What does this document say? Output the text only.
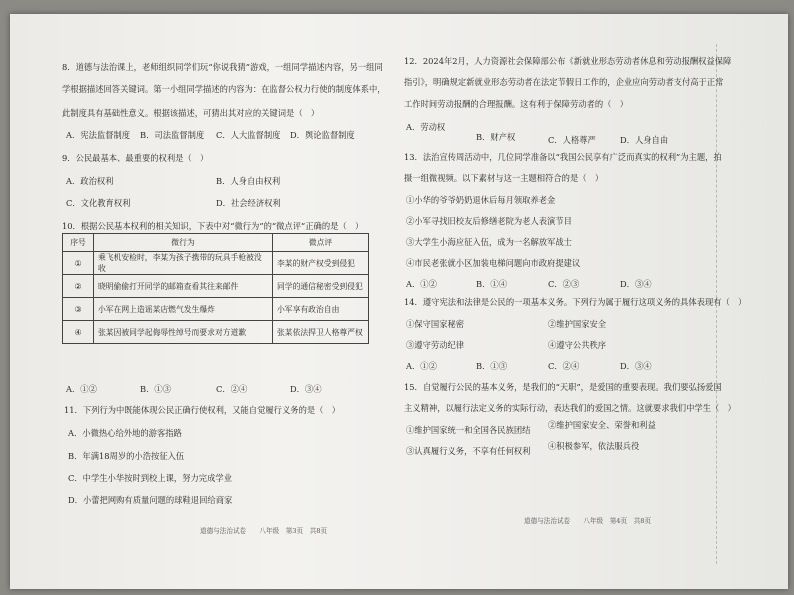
8．道德与法治课上，老师组织同学们玩“你说我猜”游戏，一组同学描述内容，另一组同
学根据描述回答关键词。第一小组同学描述的内容为：在监督公权力行使的制度体系中，
此制度具有基础性意义。根据该描述，可猜出其对应的关键词是（　）
A．宪法监督制度 B．司法监督制度 C．人大监督制度 D．舆论监督制度
9．公民最基本、最重要的权利是（　）
A．政治权利	B．人身自由权利
C．文化教育权利	D．社会经济权利
10．根据公民基本权利的相关知识，下表中对“微行为”的“微点评”正确的是（　）
序号	微行为	微点评
①	乘飞机安检时，李某为孩子携带的玩具手枪被没收	李某的财产权受到侵犯
②	晓明偷偷打开同学的邮箱查看其往来邮件	同学的通信秘密受到侵犯
③	小军在网上造谣某店燃气发生爆炸	小军享有政治自由
④	张某因被同学起侮辱性绰号而要求对方道歉	张某依法捍卫人格尊严权
A．①②	B．①③	C．②④	D．③④
11．下列行为中既能体现公民正确行使权利，又能自觉履行义务的是（　）
A．小微热心给外地的游客指路
B．年满18周岁的小浩按征入伍
C．中学生小华按时到校上课，努力完成学业
D．小蕾把网购有质量问题的球鞋退回给商家
道德与法治试卷　　八年级　第3页　共8页
12．2024年2月，人力资源社会保障部公布《新就业形态劳动者休息和劳动报酬权益保障
指引》，明确规定新就业形态劳动者在法定节假日工作的，企业应向劳动者支付高于正常
工作时间劳动报酬的合理报酬。这有利于保障劳动者的（　）
A．劳动权
B．财产权	C．人格尊严	D．人身自由
13．法治宣传周活动中，几位同学准备以“我国公民享有广泛而真实的权利”为主题，拍
摄一组微视频。以下素材与这一主题相符合的是（　）
①小华的爷爷奶奶退休后每月领取养老金
②小军寻找旧校友后修缮老院为老人表演节目
③大学生小海应征入伍，成为一名解放军战士
④市民老张就小区加装电梯问题向市政府提建议
A．①②	B．①④	C．②③	D．③④
14．遵守宪法和法律是公民的一项基本义务。下列行为属于履行这项义务的具体表现有（　）
①保守国家秘密	②维护国家安全
③遵守劳动纪律	④遵守公共秩序
A．①②	B．①③	C．②④	D．③④
15．自觉履行公民的基本义务，是我们的“天职”，是爱国的重要表现。我们要弘扬爱国
主义精神，以履行法定义务的实际行动，表达我们的爱国之情。这就要求我们中学生（　）
①维护国家统一和全国各民族团结 ②维护国家安全、荣誉和利益
③认真履行义务，不享有任何权利 ④积极参军，依法服兵役
道德与法治试卷　　八年级　第4页　共8页
